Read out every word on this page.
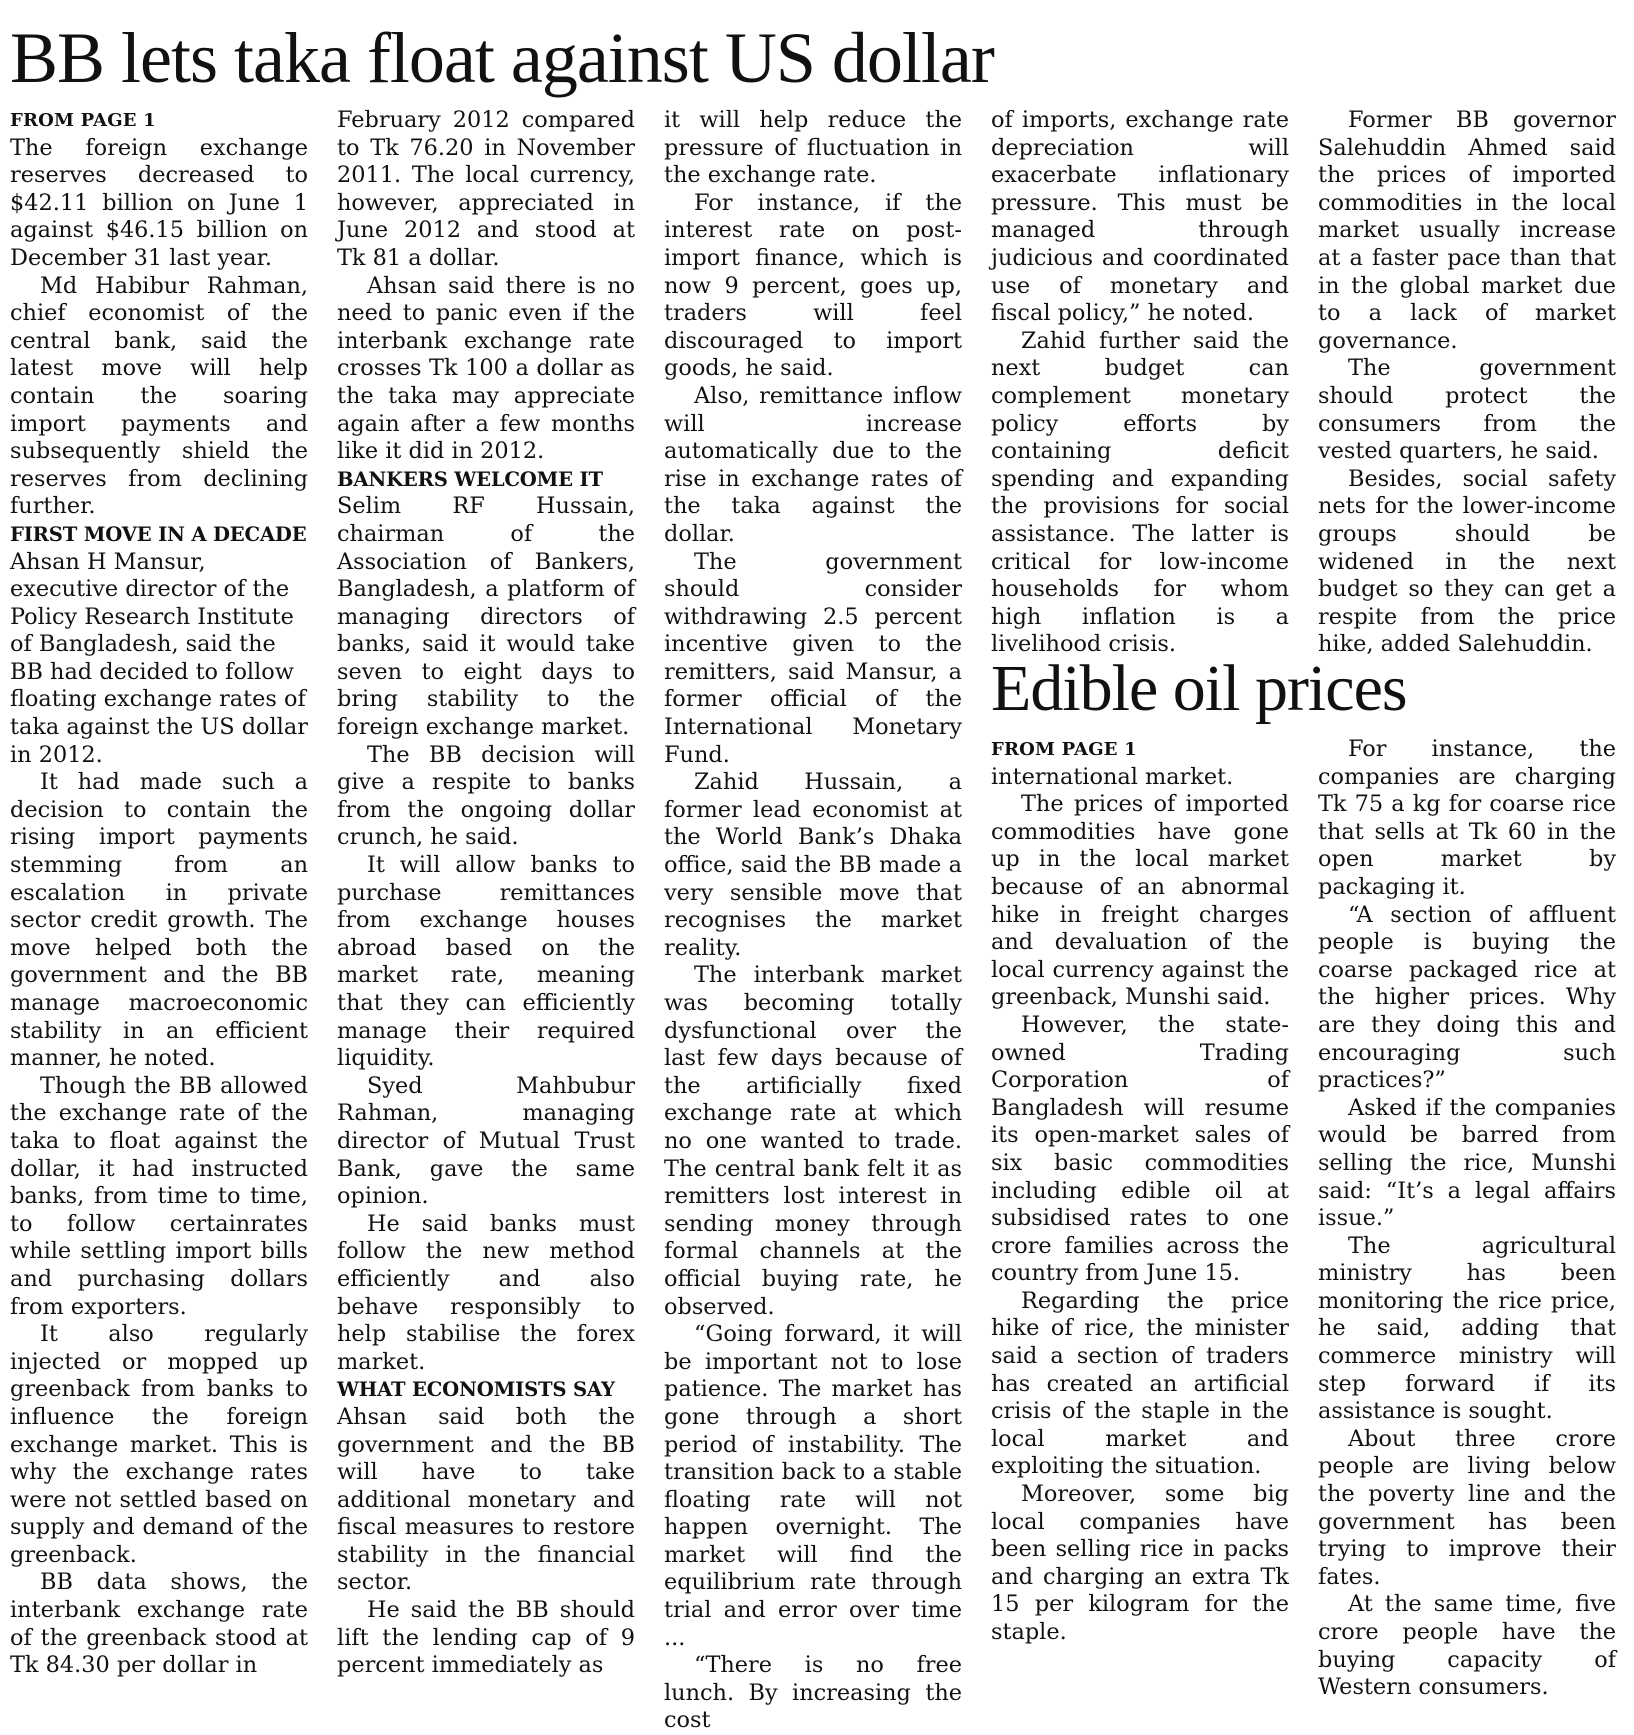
BB lets taka float against US dollar
FROM PAGE 1

The foreign exchange reserves decreased to $42.11 billion on June 1 against $46.15 billion on December 31 last year.

Md Habibur Rahman, chief economist of the central bank, said the latest move will help contain the soaring import payments and subsequently shield the reserves from declining further.

FIRST MOVE IN A DECADE

Ahsan H Mansur, executive director of the Policy Research Institute of Bangladesh, said the BB had decided to follow floating exchange rates of taka against the US dollar in 2012.

It had made such a decision to contain the rising import payments stemming from an escalation in private sector credit growth. The move helped both the government and the BB manage macroeconomic stability in an efficient manner, he noted.

Though the BB allowed the exchange rate of the taka to float against the dollar, it had instructed banks, from time to time, to follow certainrates while settling import bills and purchasing dollars from exporters.

It also regularly injected or mopped up greenback from banks to influence the foreign exchange market. This is why the exchange rates were not settled based on supply and demand of the greenback.

BB data shows, the interbank exchange rate of the greenback stood at Tk 84.30 per dollar in

February 2012 compared to Tk 76.20 in November 2011. The local currency, however, appreciated in June 2012 and stood at Tk 81 a dollar.

Ahsan said there is no need to panic even if the interbank exchange rate crosses Tk 100 a dollar as the taka may appreciate again after a few months like it did in 2012.

BANKERS WELCOME IT

Selim RF Hussain, chairman of the Association of Bankers, Bangladesh, a platform of managing directors of banks, said it would take seven to eight days to bring stability to the foreign exchange market.

The BB decision will give a respite to banks from the ongoing dollar crunch, he said.

It will allow banks to purchase remittances from exchange houses abroad based on the market rate, meaning that they can efficiently manage their required liquidity.

Syed Mahbubur Rahman, managing director of Mutual Trust Bank, gave the same opinion.

He said banks must follow the new method efficiently and also behave responsibly to help stabilise the forex market.

WHAT ECONOMISTS SAY

Ahsan said both the government and the BB will have to take additional monetary and fiscal measures to restore stability in the financial sector.

He said the BB should lift the lending cap of 9 percent immediately as

it will help reduce the pressure of fluctuation in the exchange rate.

For instance, if the interest rate on post-import finance, which is now 9 percent, goes up, traders will feel discouraged to import goods, he said.

Also, remittance inflow will increase automatically due to the rise in exchange rates of the taka against the dollar.

The government should consider withdrawing 2.5 percent incentive given to the remitters, said Mansur, a former official of the International Monetary Fund.

Zahid Hussain, a former lead economist at the World Bank’s Dhaka office, said the BB made a very sensible move that recognises the market reality.

The interbank market was becoming totally dysfunctional over the last few days because of the artificially fixed exchange rate at which no one wanted to trade. The central bank felt it as remitters lost interest in sending money through formal channels at the official buying rate, he observed.

“Going forward, it will be important not to lose patience. The market has gone through a short period of instability. The transition back to a stable floating rate will not happen overnight. The market will find the equilibrium rate through trial and error over time ...

“There is no free lunch. By increasing the cost

of imports, exchange rate depreciation will exacerbate inflationary pressure. This must be managed through judicious and coordinated use of monetary and fiscal policy,” he noted.

Zahid further said the next budget can complement monetary policy efforts by containing deficit spending and expanding the provisions for social assistance. The latter is critical for low-income households for whom high inflation is a livelihood crisis.

Former BB governor Salehuddin Ahmed said the prices of imported commodities in the local market usually increase at a faster pace than that in the global market due to a lack of market governance.

The government should protect the consumers from the vested quarters, he said.

Besides, social safety nets for the lower-income groups should be widened in the next budget so they can get a respite from the price hike, added Salehuddin.

Edible oil prices
FROM PAGE 1

international market.

The prices of imported commodities have gone up in the local market because of an abnormal hike in freight charges and devaluation of the local currency against the greenback, Munshi said.

However, the state-owned Trading Corporation of Bangladesh will resume its open-market sales of six basic commodities including edible oil at subsidised rates to one crore families across the country from June 15.

Regarding the price hike of rice, the minister said a section of traders has created an artificial crisis of the staple in the local market and exploiting the situation.

Moreover, some big local companies have been selling rice in packs and charging an extra Tk 15 per kilogram for the staple.

For instance, the companies are charging Tk 75 a kg for coarse rice that sells at Tk 60 in the open market by packaging it.

“A section of affluent people is buying the coarse packaged rice at the higher prices. Why are they doing this and encouraging such practices?”

Asked if the companies would be barred from selling the rice, Munshi said: “It’s a legal affairs issue.”

The agricultural ministry has been monitoring the rice price, he said, adding that commerce ministry will step forward if its assistance is sought.

About three crore people are living below the poverty line and the government has been trying to improve their fates.

At the same time, five crore people have the buying capacity of Western consumers.
